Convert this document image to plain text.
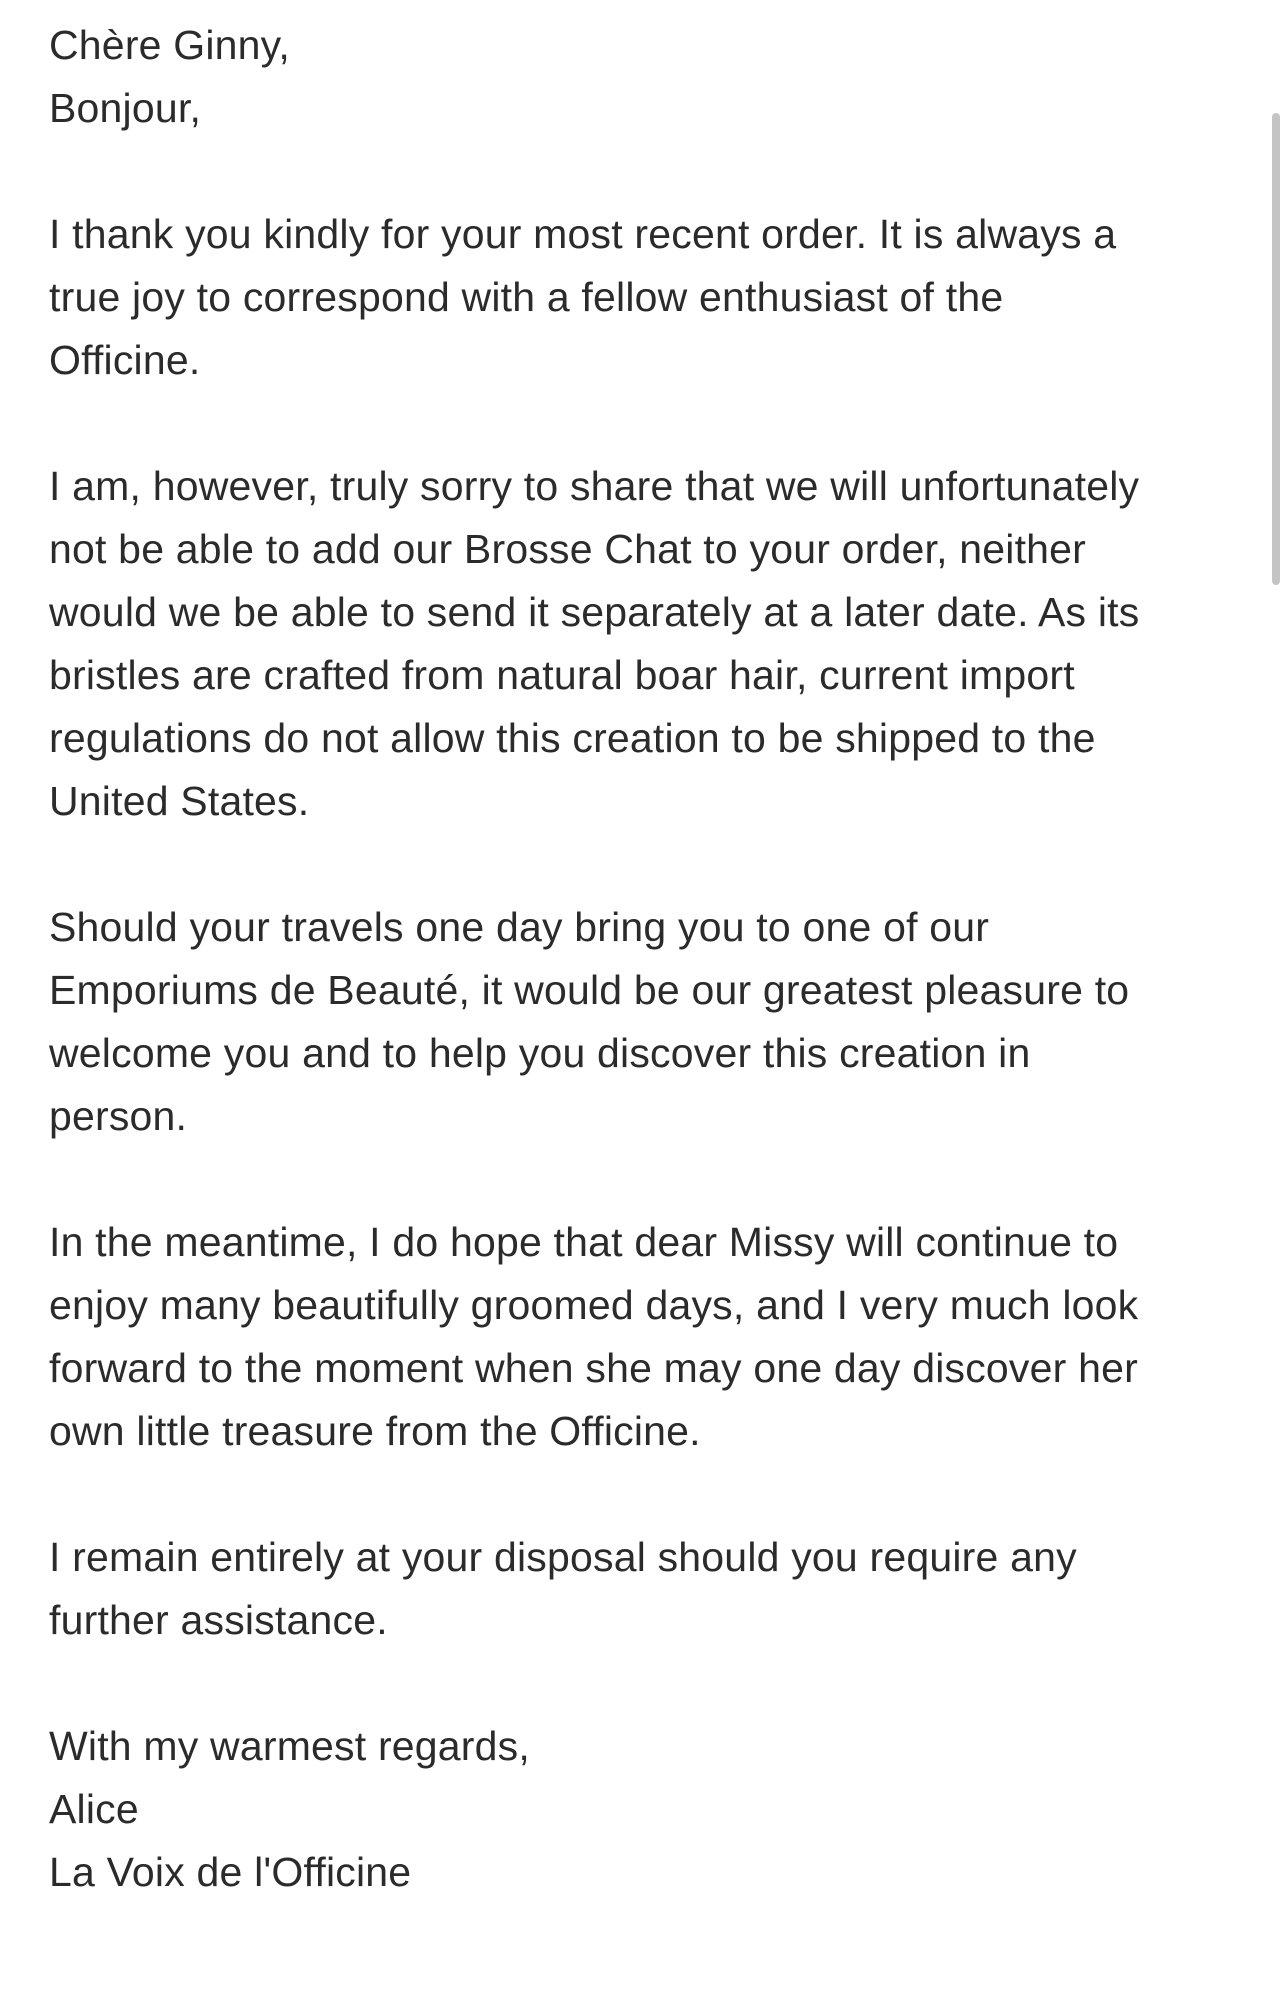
Chère Ginny,
Bonjour,
I thank you kindly for your most recent order. It is always a
true joy to correspond with a fellow enthusiast of the
Officine.
I am, however, truly sorry to share that we will unfortunately
not be able to add our Brosse Chat to your order, neither
would we be able to send it separately at a later date. As its
bristles are crafted from natural boar hair, current import
regulations do not allow this creation to be shipped to the
United States.
Should your travels one day bring you to one of our
Emporiums de Beauté, it would be our greatest pleasure to
welcome you and to help you discover this creation in
person.
In the meantime, I do hope that dear Missy will continue to
enjoy many beautifully groomed days, and I very much look
forward to the moment when she may one day discover her
own little treasure from the Officine.
I remain entirely at your disposal should you require any
further assistance.
With my warmest regards,
Alice
La Voix de l'Officine
